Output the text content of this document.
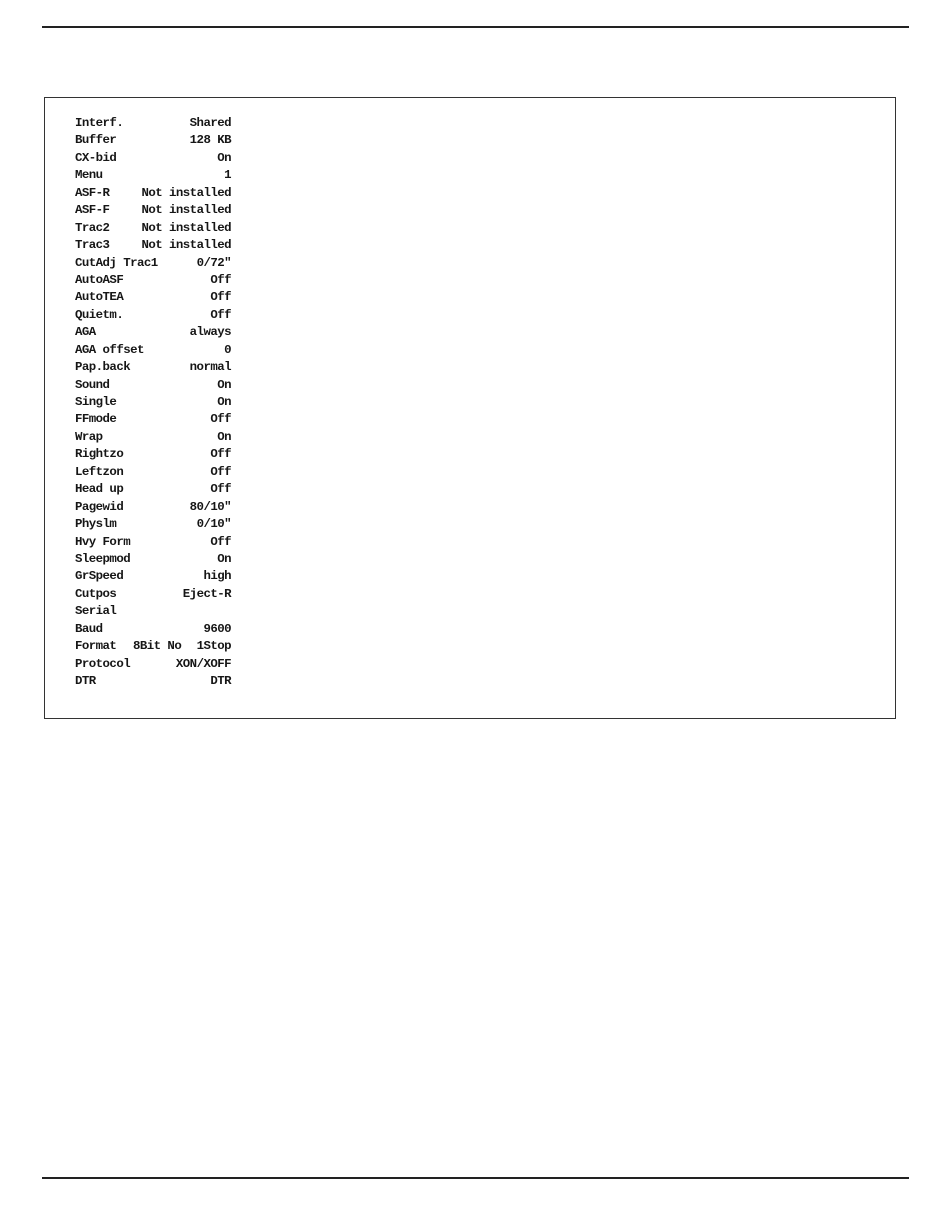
Interf.	Shared
Buffer	128 KB
CX-bid	On
Menu	1
ASF-R	Not installed
ASF-F	Not installed
Trac2	Not installed
Trac3	Not installed
CutAdj Trac1	0/72"
AutoASF	Off
AutoTEA	Off
Quietm.	Off
AGA	always
AGA offset	0
Pap.back	normal
Sound	On
Single	On
FFmode	Off
Wrap	On
Rightzo	Off
Leftzon	Off
Head up	Off
Pagewid	80/10"
Physlm	0/10"
Hvy Form	Off
Sleepmod	On
GrSpeed	high
Cutpos	Eject-R
Serial
Baud	9600
Format 8Bit No 1Stop
Protocol	XON/XOFF
DTR	DTR
